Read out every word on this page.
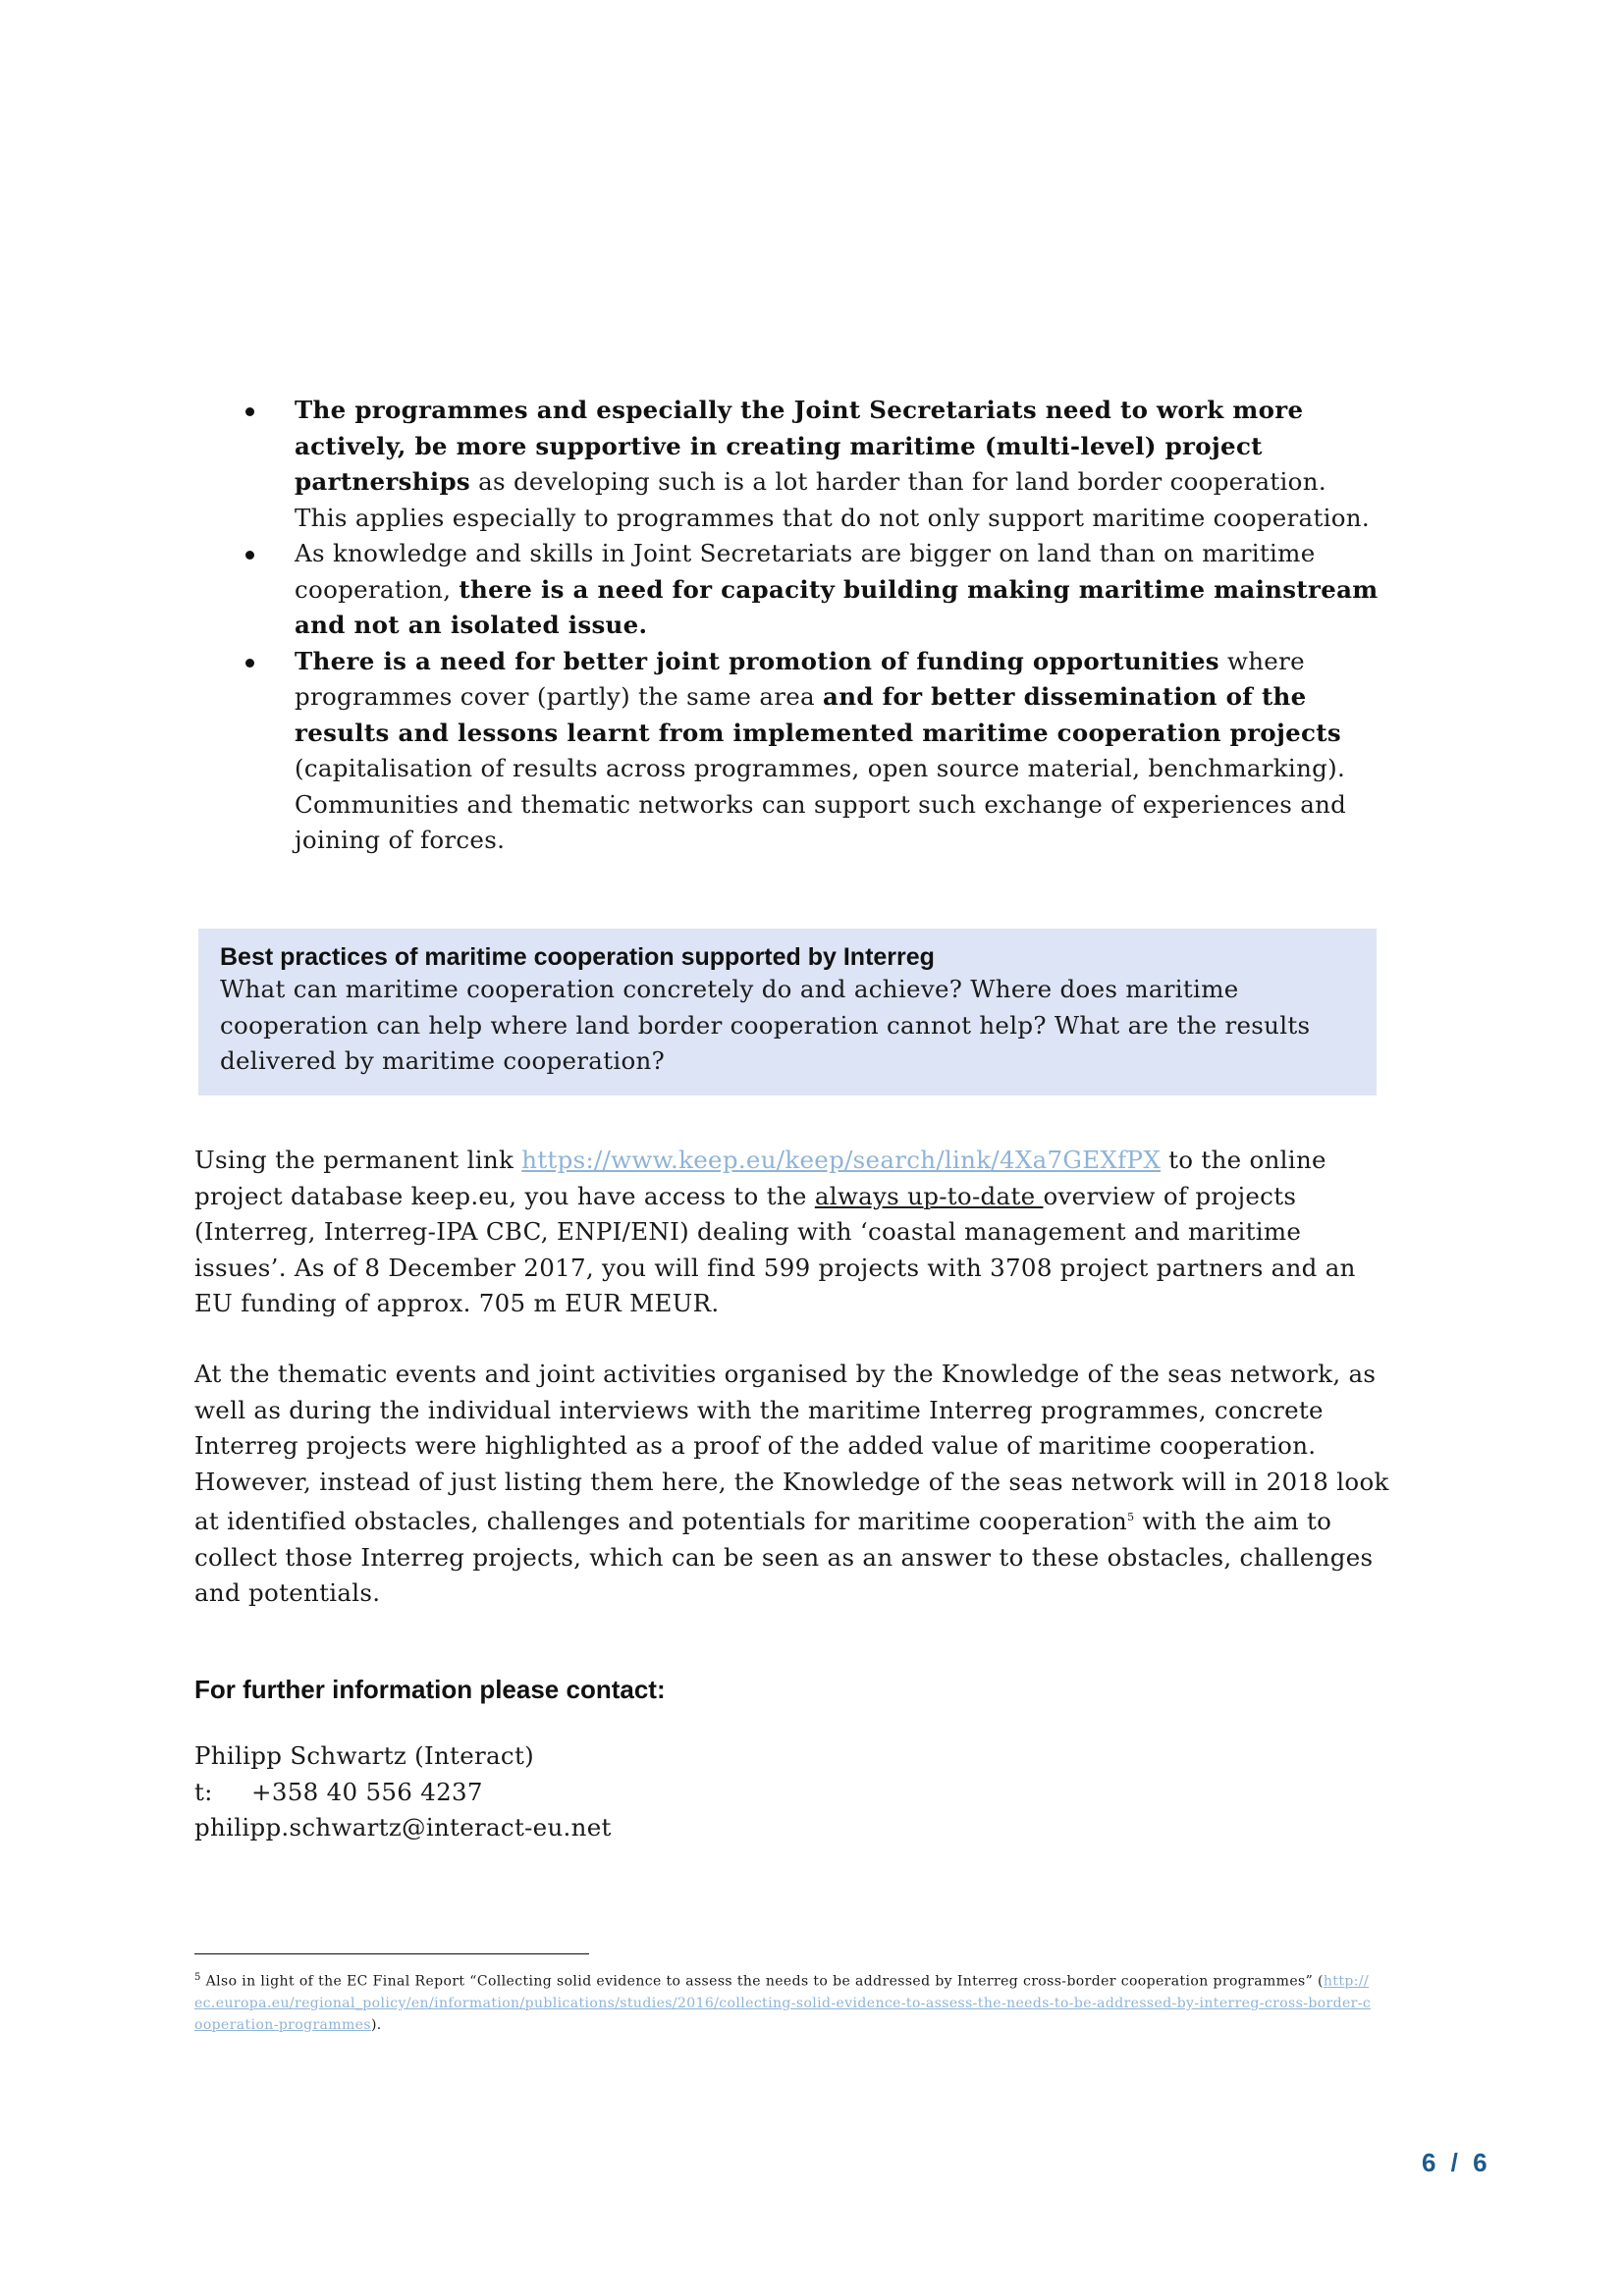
The programmes and especially the Joint Secretariats need to work more actively, be more supportive in creating maritime (multi-level) project partnerships as developing such is a lot harder than for land border cooperation. This applies especially to programmes that do not only support maritime cooperation.
As knowledge and skills in Joint Secretariats are bigger on land than on maritime cooperation, there is a need for capacity building making maritime mainstream and not an isolated issue.
There is a need for better joint promotion of funding opportunities where programmes cover (partly) the same area and for better dissemination of the results and lessons learnt from implemented maritime cooperation projects (capitalisation of results across programmes, open source material, benchmarking). Communities and thematic networks can support such exchange of experiences and joining of forces.
Best practices of maritime cooperation supported by Interreg
What can maritime cooperation concretely do and achieve? Where does maritime cooperation can help where land border cooperation cannot help? What are the results delivered by maritime cooperation?
Using the permanent link https://www.keep.eu/keep/search/link/4Xa7GEXfPX to the online project database keep.eu, you have access to the always up-to-date overview of projects (Interreg, Interreg-IPA CBC, ENPI/ENI) dealing with ‘coastal management and maritime issues’. As of 8 December 2017, you will find 599 projects with 3708 project partners and an EU funding of approx. 705 m EUR MEUR.
At the thematic events and joint activities organised by the Knowledge of the seas network, as well as during the individual interviews with the maritime Interreg programmes, concrete Interreg projects were highlighted as a proof of the added value of maritime cooperation. However, instead of just listing them here, the Knowledge of the seas network will in 2018 look at identified obstacles, challenges and potentials for maritime cooperation$^5$ with the aim to collect those Interreg projects, which can be seen as an answer to these obstacles, challenges and potentials.
For further information please contact:
Philipp Schwartz (Interact)
t: +358 40 556 4237
philipp.schwartz@interact-eu.net
$^5$ Also in light of the EC Final Report “Collecting solid evidence to assess the needs to be addressed by Interreg cross-border cooperation programmes” (http://ec.europa.eu/regional_policy/en/information/publications/studies/2016/collecting-solid-evidence-to-assess-the-needs-to-be-addressed-by-interreg-cross-border-cooperation-programmes).
6 / 6
